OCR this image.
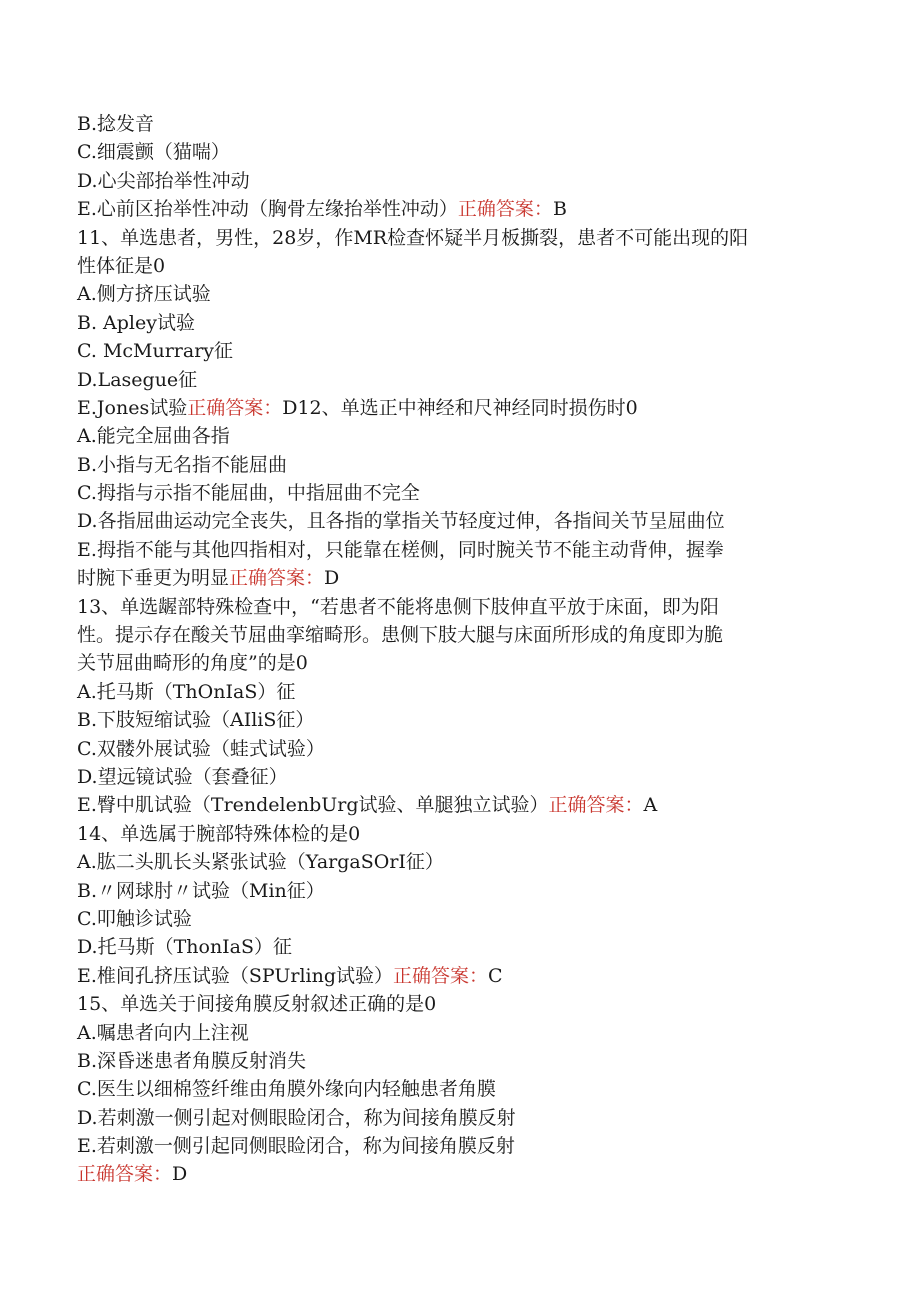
B.捻发音
C.细震颤（猫喘）
D.心尖部抬举性冲动
E.心前区抬举性冲动（胸骨左缘抬举性冲动）正确答案：B
11、单选患者，男性，28岁，作MR检查怀疑半月板撕裂，患者不可能出现的阳
性体征是0
A.侧方挤压试验
B. Apley试验
C. McMurrary征
D.Lasegue征
E.Jones试验正确答案：D12、单选正中神经和尺神经同时损伤时0
A.能完全屈曲各指
B.小指与无名指不能屈曲
C.拇指与示指不能屈曲，中指屈曲不完全
D.各指屈曲运动完全丧失，且各指的掌指关节轻度过伸，各指间关节呈屈曲位
E.拇指不能与其他四指相对，只能靠在槎侧，同时腕关节不能主动背伸，握拳
时腕下垂更为明显正确答案：D
13、单选龌部特殊检查中，“若患者不能将患侧下肢伸直平放于床面，即为阳
性。提示存在酸关节屈曲挛缩畸形。患侧下肢大腿与床面所形成的角度即为脆
关节屈曲畸形的角度”的是0
A.托马斯（ThOnIaS）征
B.下肢短缩试验（AIliS征）
C.双髅外展试验（蛙式试验）
D.望远镜试验（套叠征）
E.臀中肌试验（TrendelenbUrg试验、单腿独立试验）正确答案：A
14、单选属于腕部特殊体检的是0
A.肱二头肌长头紧张试验（YargaSOrI征）
B.〃网球肘〃试验（Min征）
C.叩触诊试验
D.托马斯（ThonIaS）征
E.椎间孔挤压试验（SPUrling试验）正确答案：C
15、单选关于间接角膜反射叙述正确的是0
A.嘱患者向内上注视
B.深昏迷患者角膜反射消失
C.医生以细棉签纤维由角膜外缘向内轻触患者角膜
D.若刺激一侧引起对侧眼睑闭合，称为间接角膜反射
E.若刺激一侧引起同侧眼睑闭合，称为间接角膜反射
正确答案：D
